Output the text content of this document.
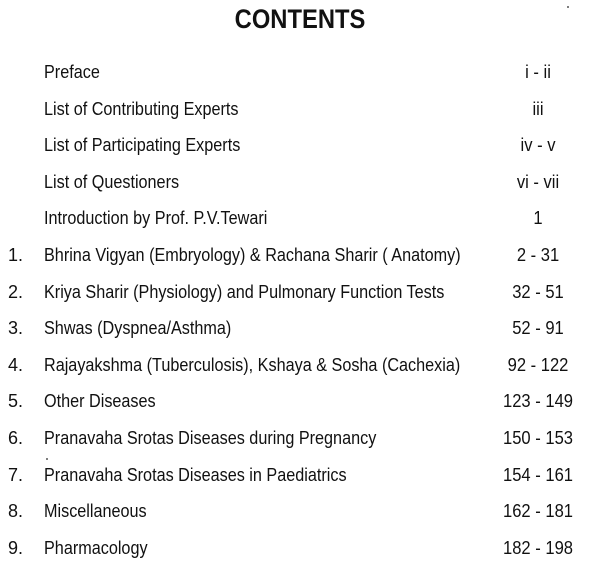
CONTENTS
Preface	i - ii
List of Contributing Experts	iii
List of Participating Experts	iv - v
List of Questioners	vi - vii
Introduction by Prof. P.V.Tewari	1
1.	Bhrina Vigyan (Embryology) & Rachana Sharir ( Anatomy)	2 - 31
2.	Kriya Sharir (Physiology) and Pulmonary Function Tests	32 - 51
3.	Shwas (Dyspnea/Asthma)	52 - 91
4.	Rajayakshma (Tuberculosis), Kshaya & Sosha (Cachexia)	92 - 122
5.	Other Diseases	123 - 149
6.	Pranavaha Srotas Diseases during Pregnancy	150 - 153
7.	Pranavaha Srotas Diseases in Paediatrics	154 - 161
8.	Miscellaneous	162 - 181
9.	Pharmacology	182 - 198
